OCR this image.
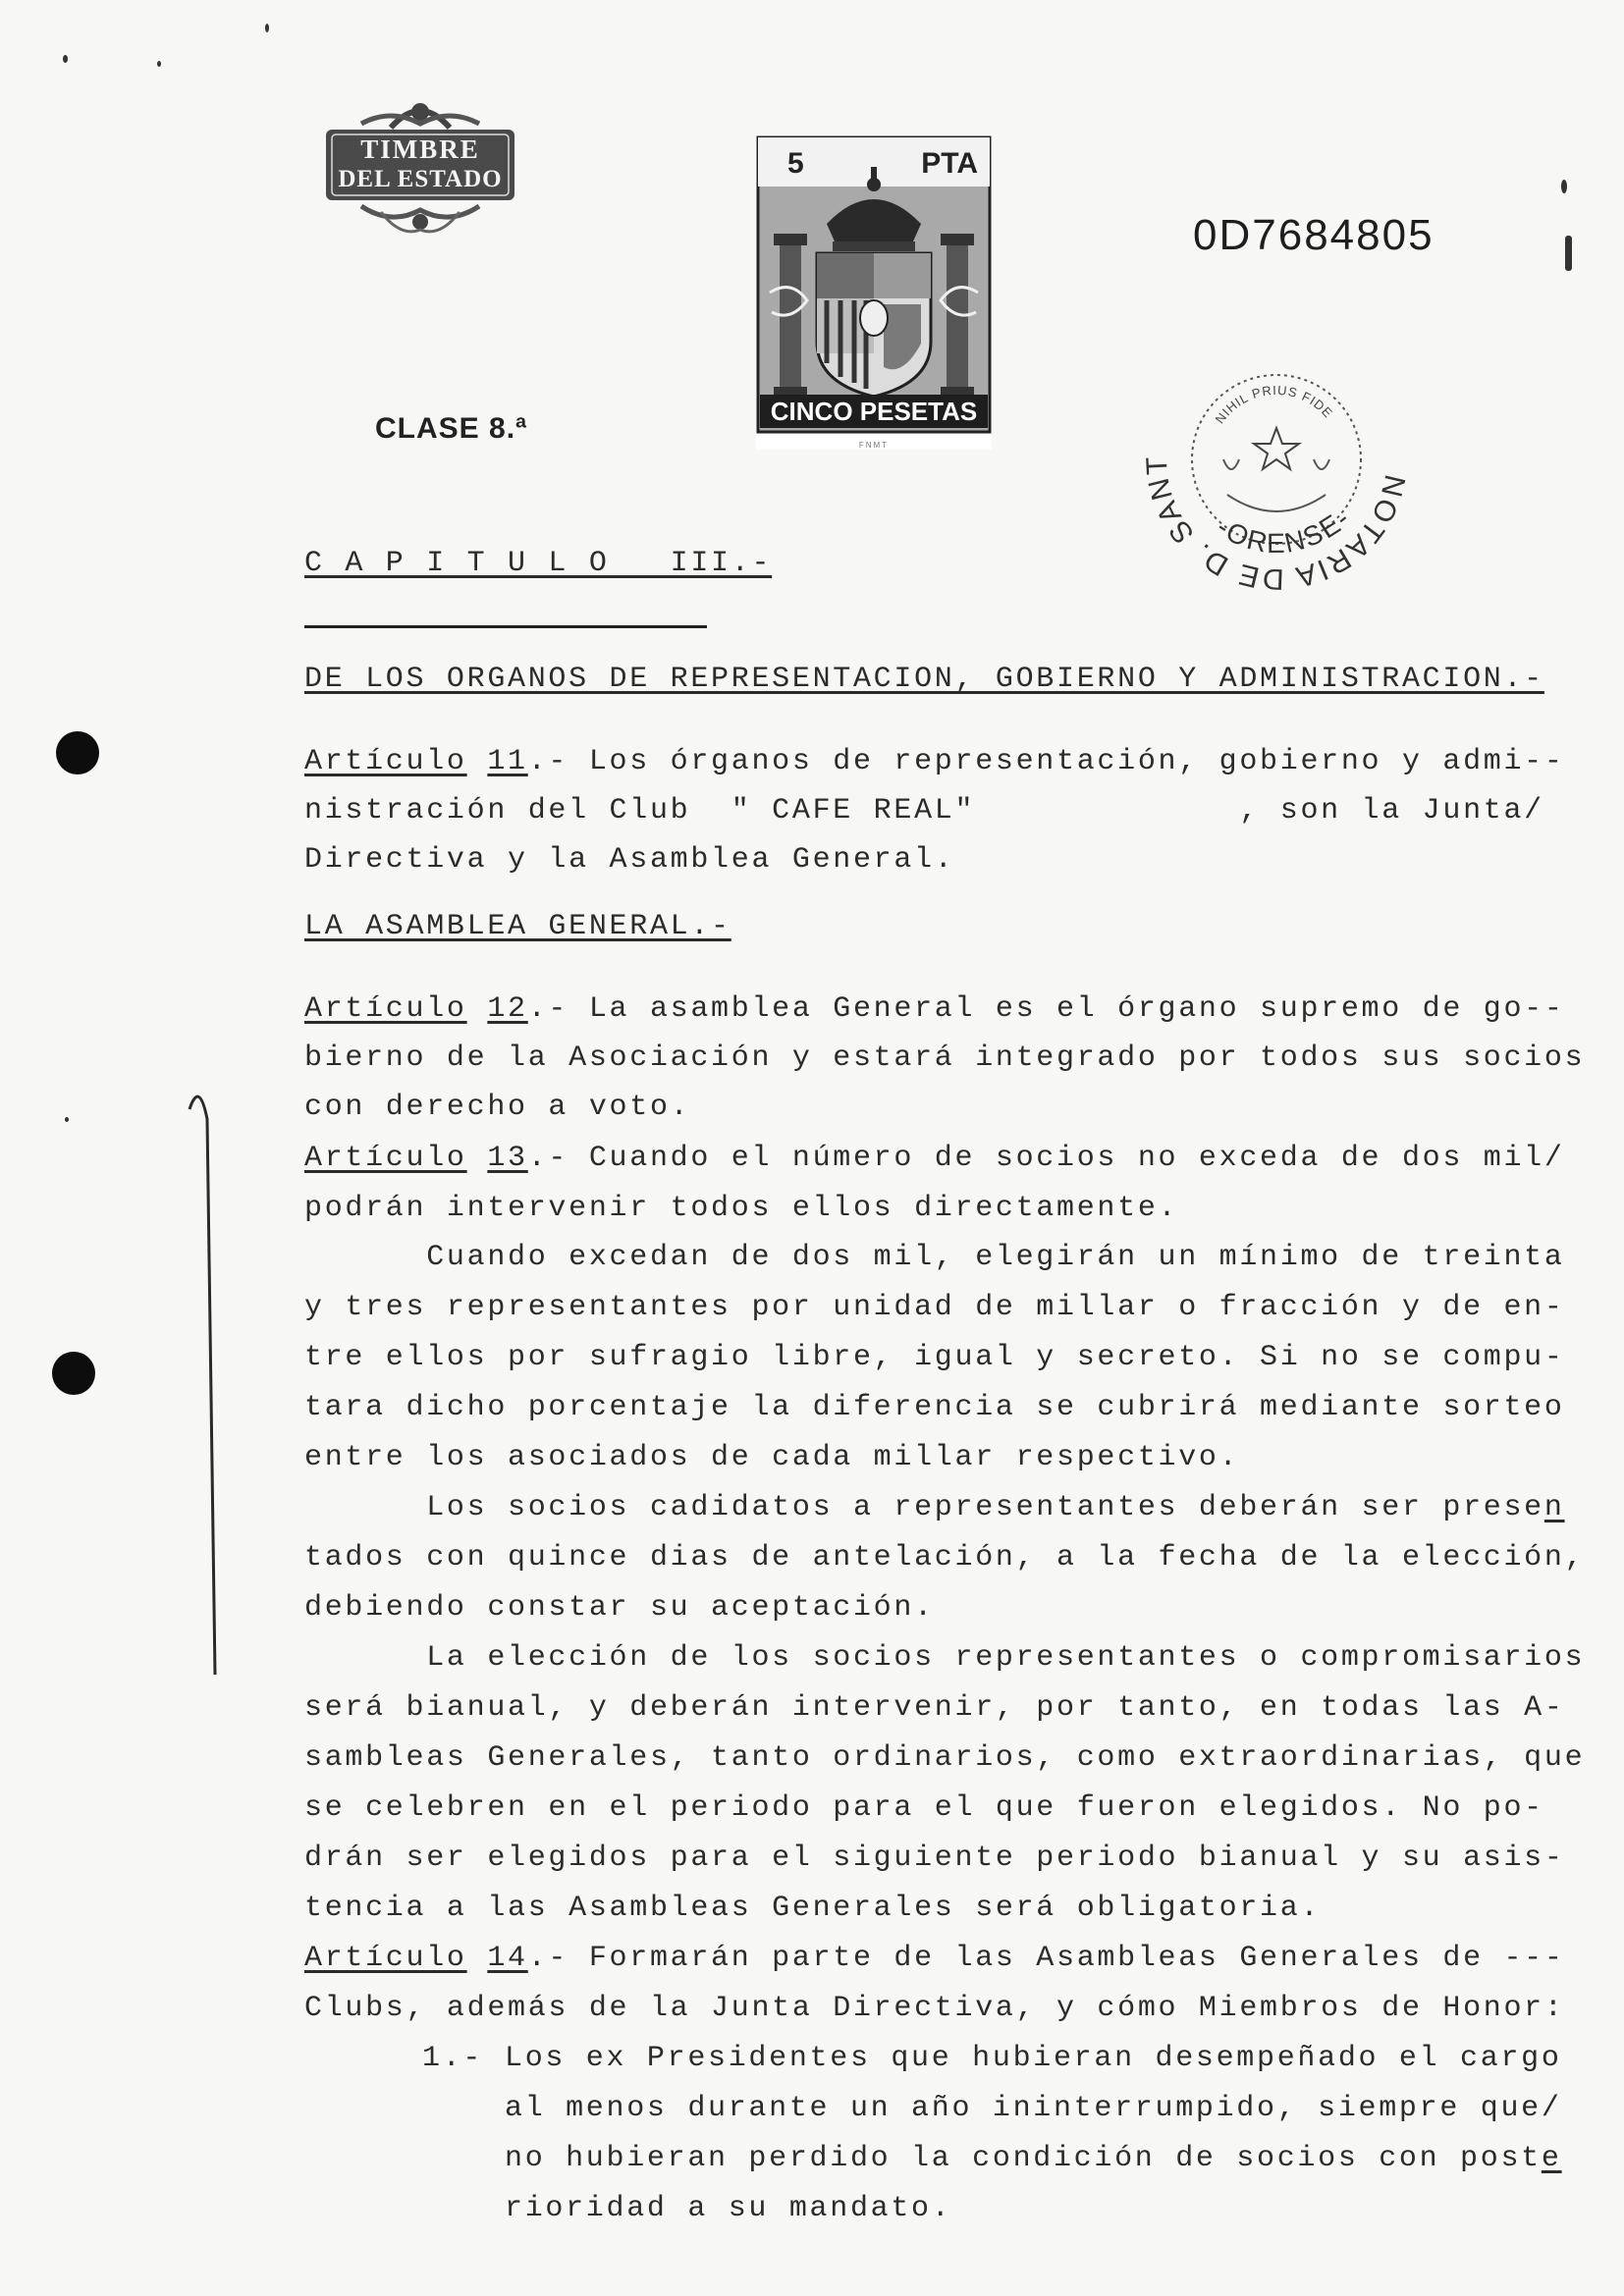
TIMBRE
DEL ESTADO
CLASE 8.ª
5	PTA
CINCO PESETAS
FNMT
0D7684805
NOTARIA DE D. SANT
NIHIL PRIUS FIDE
-ORENSE-
C A P I T U L O   III.-
DE LOS ORGANOS DE REPRESENTACION, GOBIERNO Y ADMINISTRACION.-
Artículo 11.- Los órganos de representación, gobierno y admi--
nistración del Club  " CAFE REAL"             , son la Junta/
Directiva y la Asamblea General.
LA ASAMBLEA GENERAL.-
Artículo 12.- La asamblea General es el órgano supremo de go--
bierno de la Asociación y estará integrado por todos sus socios
con derecho a voto.
Artículo 13.- Cuando el número de socios no exceda de dos mil/
podrán intervenir todos ellos directamente.
Cuando excedan de dos mil, elegirán un mínimo de treinta
y tres representantes por unidad de millar o fracción y de en-
tre ellos por sufragio libre, igual y secreto. Si no se compu-
tara dicho porcentaje la diferencia se cubrirá mediante sorteo
entre los asociados de cada millar respectivo.
Los socios cadidatos a representantes deberán ser presen
tados con quince dias de antelación, a la fecha de la elección,
debiendo constar su aceptación.
La elección de los socios representantes o compromisarios
será bianual, y deberán intervenir, por tanto, en todas las A-
sambleas Generales, tanto ordinarios, como extraordinarias, que
se celebren en el periodo para el que fueron elegidos. No po-
drán ser elegidos para el siguiente periodo bianual y su asis-
tencia a las Asambleas Generales será obligatoria.
Artículo 14.- Formarán parte de las Asambleas Generales de ---
Clubs, además de la Junta Directiva, y cómo Miembros de Honor:
1.- Los ex Presidentes que hubieran desempeñado el cargo
al menos durante un año ininterrumpido, siempre que/
no hubieran perdido la condición de socios con poste
rioridad a su mandato.
